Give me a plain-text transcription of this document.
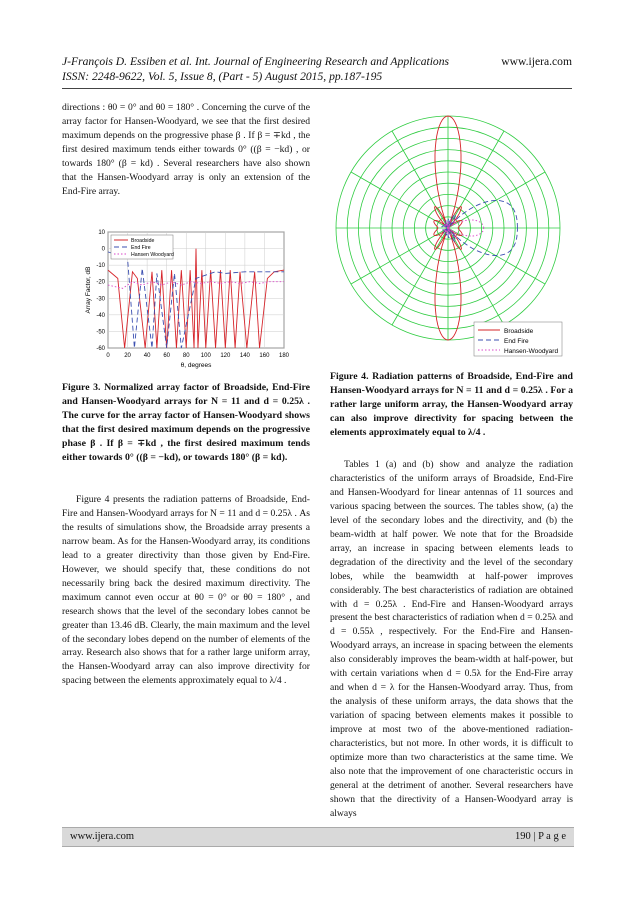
J-François D. Essiben et al. Int. Journal of Engineering Research and Applications
ISSN: 2248-9622, Vol. 5, Issue 8, (Part - 5) August 2015, pp.187-195
www.ijera.com

directions : θ0 = 0° and θ0 = 180° . Concerning the curve of the array factor for Hansen-Woodyard, we see that the first desired maximum depends on the progressive phase β . If β = ∓kd , the first desired maximum tends either towards 0° ((β = −kd) , or towards 180° (β = kd) . Several researchers have also shown that the Hansen-Woodyard array is only an extension of the End-Fire array.

0 20 40 60 80 100 120 140 160 180
10
0
-10
-20
-30
-40
-50
-60
θ, degrees
Array Factor, dB
Broadside
End Fire
Hansen Woodyard

Figure 3. Normalized array factor of Broadside, End-Fire and Hansen-Woodyard arrays for N = 11 and d = 0.25λ . The curve for the array factor of Hansen-Woodyard shows that the first desired maximum depends on the progressive phase β . If β = ∓kd , the first desired maximum tends either towards 0° ((β = −kd), or towards 180° (β = kd).

Figure 4 presents the radiation patterns of Broadside, End-Fire and Hansen-Woodyard arrays for N = 11 and d = 0.25λ . As the results of simulations show, the Broadside array presents a narrow beam. As for the Hansen-Woodyard array, its conditions lead to a greater directivity than those given by End-Fire. However, we should specify that, these conditions do not necessarily bring back the desired maximum directivity. The maximum cannot even occur at θ0 = 0° or θ0 = 180° , and research shows that the level of the secondary lobes cannot be greater than 13.46 dB. Clearly, the main maximum and the level of the secondary lobes depend on the number of elements of the array. Research also shows that for a rather large uniform array, the Hansen-Woodyard array can also improve directivity for spacing between the elements approximately equal to λ/4 .

Broadside
End Fire
Hansen-Woodyard

Figure 4. Radiation patterns of Broadside, End-Fire and Hansen-Woodyard arrays for N = 11 and d = 0.25λ . For a rather large uniform array, the Hansen-Woodyard array can also improve directivity for spacing between the elements approximately equal to λ/4 .

Tables 1 (a) and (b) show and analyze the radiation characteristics of the uniform arrays of Broadside, End-Fire and Hansen-Woodyard for linear antennas of 11 sources and various spacing between the sources. The tables show, (a) the level of the secondary lobes and the directivity, and (b) the beam-width at half power. We note that for the Broadside array, an increase in spacing between elements leads to degradation of the directivity and the level of the secondary lobes, while the beamwidth at half-power improves considerably. The best characteristics of radiation are obtained with d = 0.25λ . End-Fire and Hansen-Woodyard arrays present the best characteristics of radiation when d = 0.25λ and d = 0.55λ , respectively. For the End-Fire and Hansen-Woodyard arrays, an increase in spacing between the elements also considerably improves the beam-width at half-power, but with certain variations when d = 0.5λ for the End-Fire array and when d = λ for the Hansen-Woodyard array. Thus, from the analysis of these uniform arrays, the data shows that the variation of spacing between elements makes it possible to improve at most two of the above-mentioned radiation-characteristics, but not more. In other words, it is difficult to optimize more than two characteristics at the same time. We also note that the improvement of one characteristic occurs in general at the detriment of another. Several researchers have shown that the directivity of a Hansen-Woodyard array is always

www.ijera.com	190 | P a g e
